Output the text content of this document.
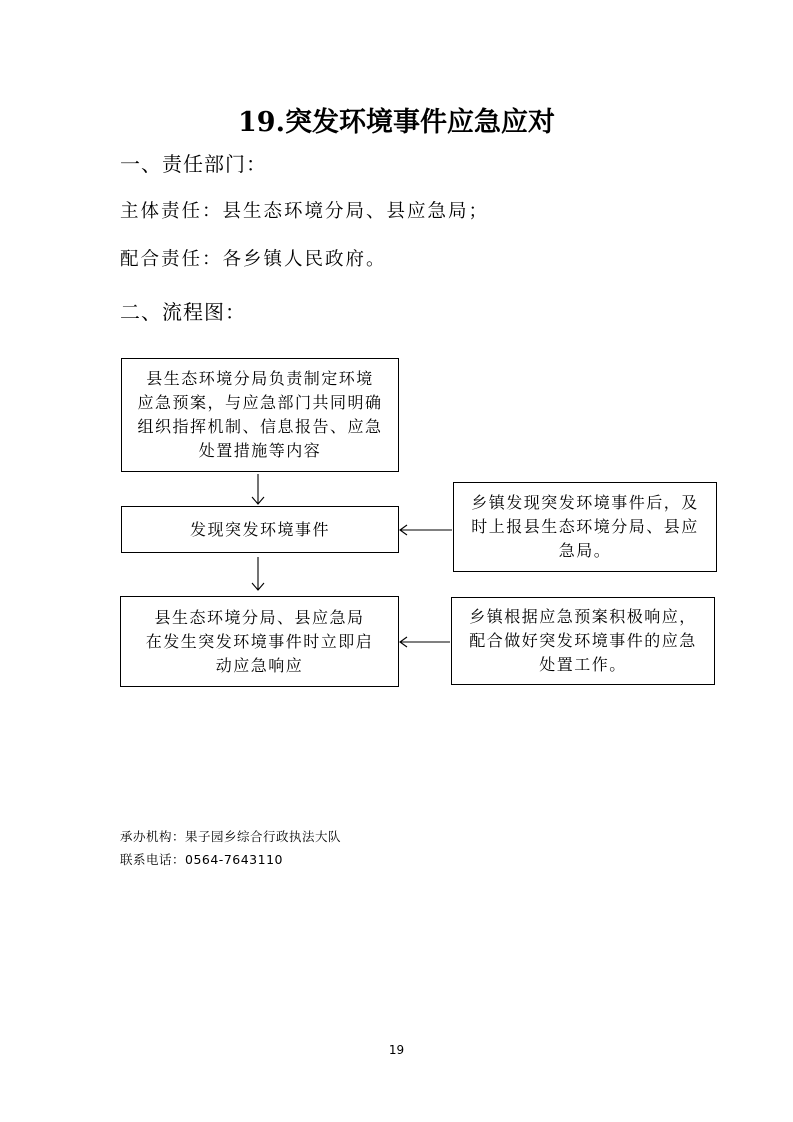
19.突发环境事件应急应对
一、责任部门：
主体责任：县生态环境分局、县应急局；
配合责任：各乡镇人民政府。
二、流程图：
县生态环境分局负责制定环境
应急预案，与应急部门共同明确
组织指挥机制、信息报告、应急
处置措施等内容
发现突发环境事件
县生态环境分局、县应急局
在发生突发环境事件时立即启
动应急响应
乡镇发现突发环境事件后，及
时上报县生态环境分局、县应
急局。
乡镇根据应急预案积极响应，
配合做好突发环境事件的应急
处置工作。
承办机构：果子园乡综合行政执法大队
联系电话：0564-7643110
19
